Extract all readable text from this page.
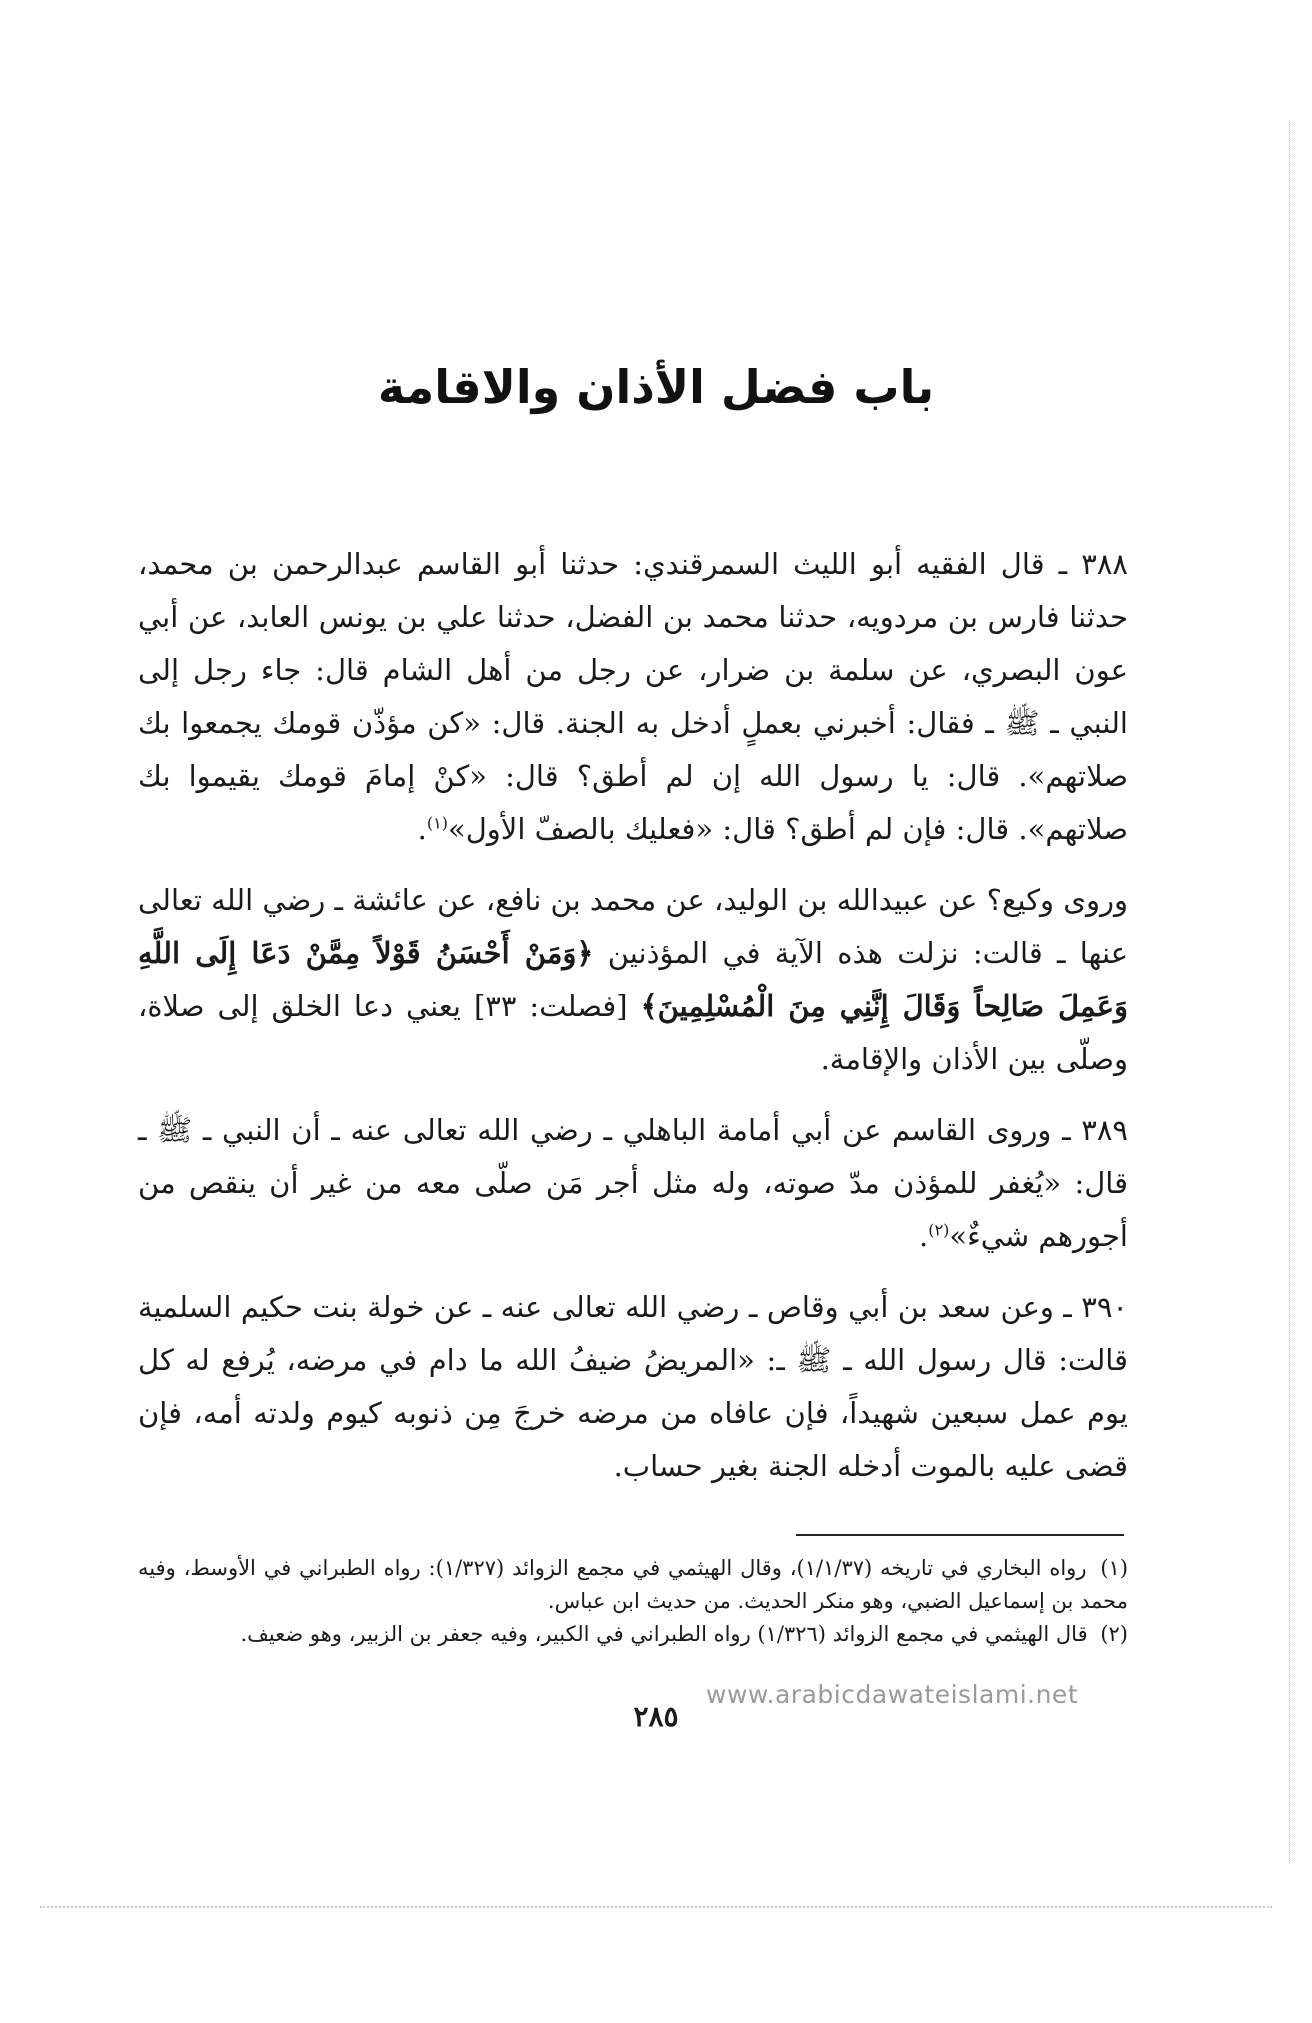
باب فضل الأذان والاقامة

٣٨٨ ـ قال الفقيه أبو الليث السمرقندي: حدثنا أبو القاسم عبدالرحمن بن محمد، حدثنا فارس بن مردويه، حدثنا محمد بن الفضل، حدثنا علي بن يونس العابد، عن أبي عون البصري، عن سلمة بن ضرار، عن رجل من أهل الشام قال: جاء رجل إلى النبي ـ ﷺ ـ فقال: أخبرني بعملٍ أدخل به الجنة. قال: «كن مؤذّن قومك يجمعوا بك صلاتهم». قال: يا رسول الله إن لم أطق؟ قال: «كنْ إمامَ قومك يقيموا بك صلاتهم». قال: فإن لم أطق؟ قال: «فعليك بالصفّ الأول»$^{(١)}$.

وروى وكيع؟ عن عبيدالله بن الوليد، عن محمد بن نافع، عن عائشة ـ رضي الله تعالى عنها ـ قالت: نزلت هذه الآية في المؤذنين ﴿وَمَنْ أَحْسَنُ قَوْلاً مِمَّنْ دَعَا إِلَى اللَّهِ وَعَمِلَ صَالِحاً وَقَالَ إِنَّنِي مِنَ الْمُسْلِمِينَ﴾ [فصلت: ٣٣] يعني دعا الخلق إلى صلاة، وصلّى بين الأذان والإقامة.

٣٨٩ ـ وروى القاسم عن أبي أمامة الباهلي ـ رضي الله تعالى عنه ـ أن النبي ـ ﷺ ـ قال: «يُغفر للمؤذن مدّ صوته، وله مثل أجر مَن صلّى معه من غير أن ينقص من أجورهم شيءٌ»$^{(٢)}$.

٣٩٠ ـ وعن سعد بن أبي وقاص ـ رضي الله تعالى عنه ـ عن خولة بنت حكيم السلمية قالت: قال رسول الله ـ ﷺ ـ: «المريضُ ضيفُ الله ما دام في مرضه، يُرفع له كل يوم عمل سبعين شهيداً، فإن عافاه من مرضه خرجَ مِن ذنوبه كيوم ولدته أمه، فإن قضى عليه بالموت أدخله الجنة بغير حساب.

(١) رواه البخاري في تاريخه (١/١/٣٧)، وقال الهيثمي في مجمع الزوائد (١/٣٢٧): رواه الطبراني في الأوسط، وفيه محمد بن إسماعيل الضبي، وهو منكر الحديث. من حديث ابن عباس.

(٢) قال الهيثمي في مجمع الزوائد (١/٣٢٦) رواه الطبراني في الكبير، وفيه جعفر بن الزبير، وهو ضعيف.

www.arabicdawateislami.net
٢٨٥
